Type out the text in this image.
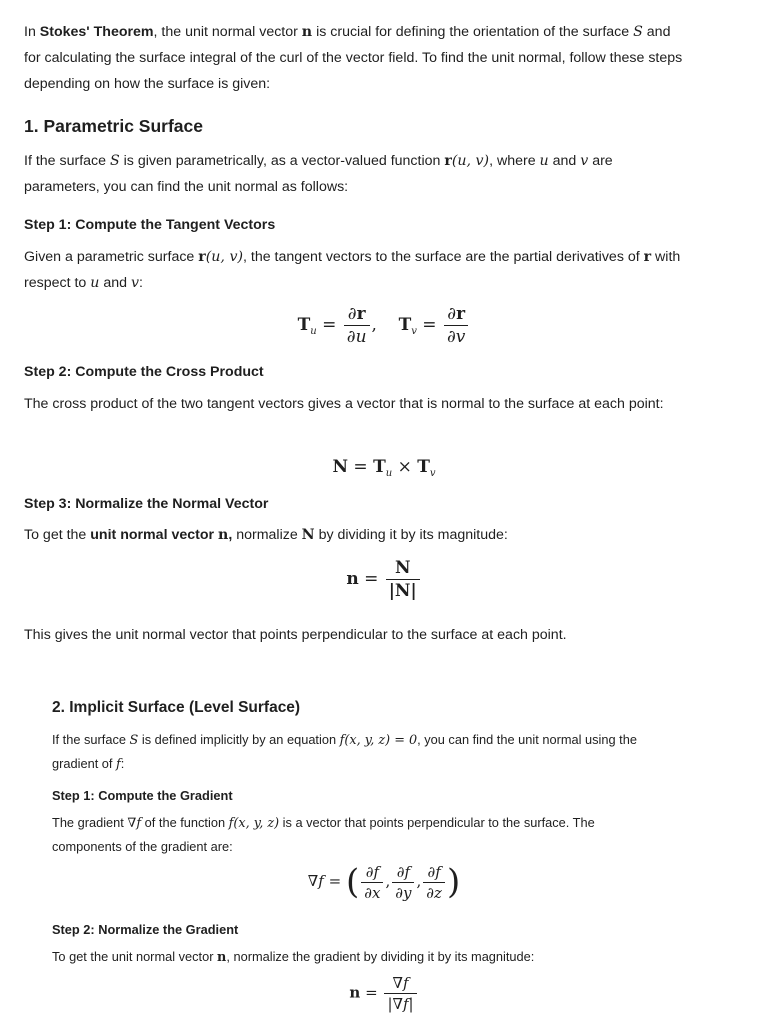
In Stokes' Theorem, the unit normal vector n is crucial for defining the orientation of the surface S and for calculating the surface integral of the curl of the vector field. To find the unit normal, follow these steps depending on how the surface is given:

1. Parametric Surface

If the surface S is given parametrically, as a vector-valued function r(u, v), where u and v are parameters, you can find the unit normal as follows:

Step 1: Compute the Tangent Vectors

Given a parametric surface r(u, v), the tangent vectors to the surface are the partial derivatives of r with respect to u and v:

$T_u = \frac{\partial r}{\partial u}$ , $T_v = \frac{\partial r}{\partial v}$
Step 2: Compute the Cross Product

The cross product of the two tangent vectors gives a vector that is normal to the surface at each point:

$N = T_u \times T_v$
Step 3: Normalize the Normal Vector

To get the unit normal vector n, normalize N by dividing it by its magnitude:

$n = \frac{N}{|N|}$

This gives the unit normal vector that points perpendicular to the surface at each point.

2. Implicit Surface (Level Surface)

If the surface S is defined implicitly by an equation f(x, y, z) = 0, you can find the unit normal using the gradient of f:

Step 1: Compute the Gradient

The gradient ∇f of the function f(x, y, z) is a vector that points perpendicular to the surface. The components of the gradient are:

∇f = ( $\frac{\partial f}{\partial x}$ , $\frac{\partial f}{\partial y}$ , $\frac{\partial f}{\partial z}$ )
Step 2: Normalize the Gradient

To get the unit normal vector n, normalize the gradient by dividing it by its magnitude:

$n = \frac{\nabla f}{|\nabla f|}$
